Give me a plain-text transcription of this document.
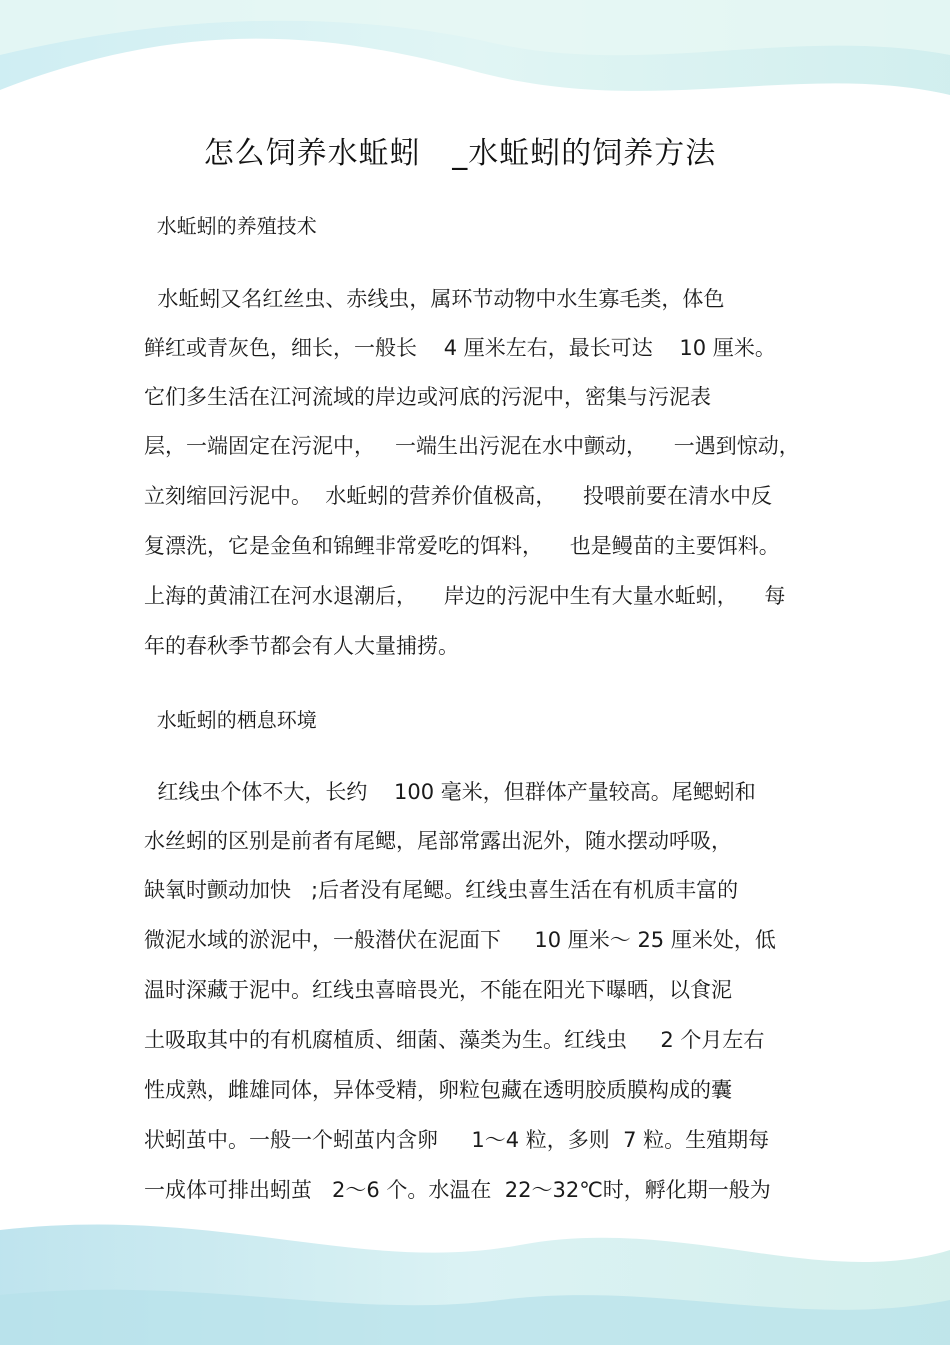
怎么饲养水蚯蚓   _水蚯蚓的饲养方法
水蚯蚓的养殖技术
水蚯蚓又名红丝虫、赤线虫，属环节动物中水生寡毛类，体色
鲜红或青灰色，细长，一般长    4 厘米左右，最长可达    10 厘米。
它们多生活在江河流域的岸边或河底的污泥中，密集与污泥表
层，一端固定在污泥中，   一端生出污泥在水中颤动，    一遇到惊动，
立刻缩回污泥中。  水蚯蚓的营养价值极高，    投喂前要在清水中反
复漂洗，它是金鱼和锦鲤非常爱吃的饵料，    也是鳗苗的主要饵料。
上海的黄浦江在河水退潮后，    岸边的污泥中生有大量水蚯蚓，    每
年的春秋季节都会有人大量捕捞。
水蚯蚓的栖息环境
红线虫个体不大，长约    100 毫米，但群体产量较高。尾鳃蚓和
水丝蚓的区别是前者有尾鳃，尾部常露出泥外，随水摆动呼吸，
缺氧时颤动加快   ;后者没有尾鳃。红线虫喜生活在有机质丰富的
微泥水域的淤泥中，一般潜伏在泥面下     10 厘米～ 25 厘米处，低
温时深藏于泥中。红线虫喜暗畏光，不能在阳光下曝晒，以食泥
土吸取其中的有机腐植质、细菌、藻类为生。红线虫     2 个月左右
性成熟，雌雄同体，异体受精，卵粒包藏在透明胶质膜构成的囊
状蚓茧中。一般一个蚓茧内含卵     1～4 粒，多则  7 粒。生殖期每
一成体可排出蚓茧   2～6 个。水温在  22～32℃时，孵化期一般为
